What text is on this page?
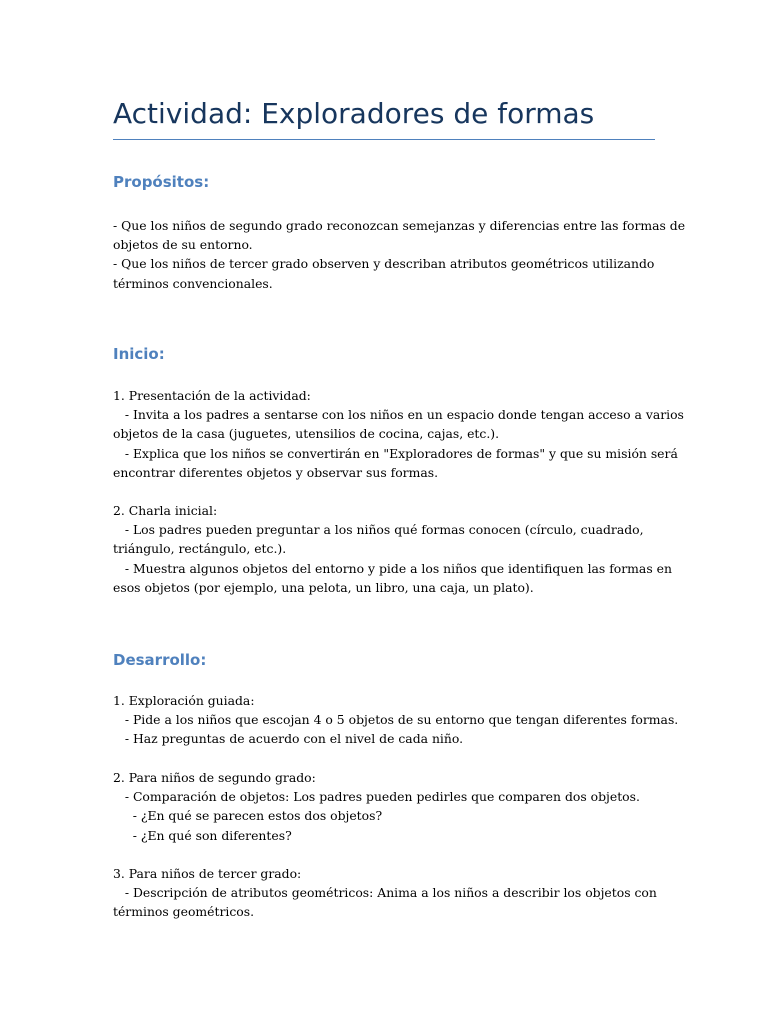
Actividad: Exploradores de formas
Propósitos:
- Que los niños de segundo grado reconozcan semejanzas y diferencias entre las formas de
objetos de su entorno.
- Que los niños de tercer grado observen y describan atributos geométricos utilizando
términos convencionales.
Inicio:
1. Presentación de la actividad:
- Invita a los padres a sentarse con los niños en un espacio donde tengan acceso a varios
objetos de la casa (juguetes, utensilios de cocina, cajas, etc.).
- Explica que los niños se convertirán en "Exploradores de formas" y que su misión será
encontrar diferentes objetos y observar sus formas.
2. Charla inicial:
- Los padres pueden preguntar a los niños qué formas conocen (círculo, cuadrado,
triángulo, rectángulo, etc.).
- Muestra algunos objetos del entorno y pide a los niños que identifiquen las formas en
esos objetos (por ejemplo, una pelota, un libro, una caja, un plato).
Desarrollo:
1. Exploración guiada:
- Pide a los niños que escojan 4 o 5 objetos de su entorno que tengan diferentes formas.
- Haz preguntas de acuerdo con el nivel de cada niño.
2. Para niños de segundo grado:
- Comparación de objetos: Los padres pueden pedirles que comparen dos objetos.
- ¿En qué se parecen estos dos objetos?
- ¿En qué son diferentes?
3. Para niños de tercer grado:
- Descripción de atributos geométricos: Anima a los niños a describir los objetos con
términos geométricos.
